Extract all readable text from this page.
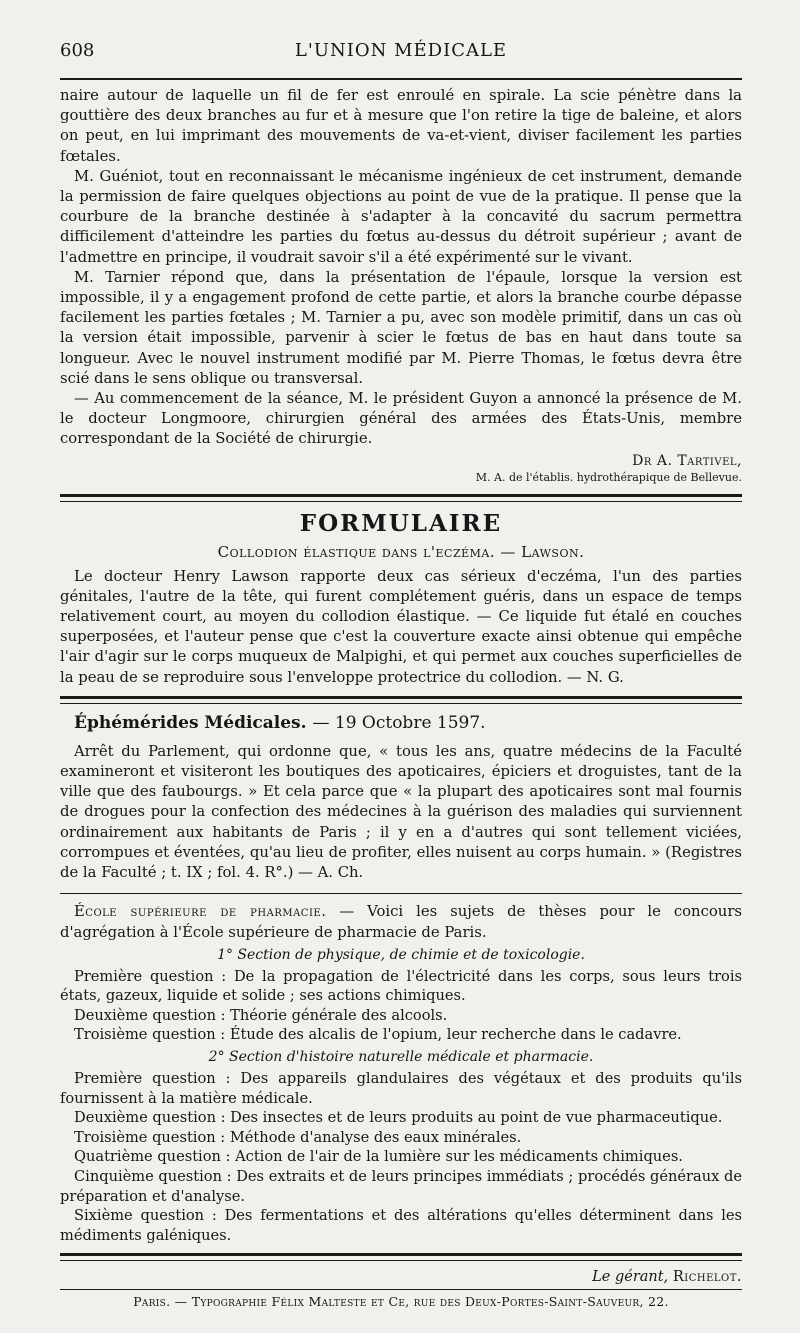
608	L'UNION MÉDICALE

naire autour de laquelle un fil de fer est enroulé en spirale. La scie pénètre dans la gouttière des deux branches au fur et à mesure que l'on retire la tige de baleine, et alors on peut, en lui imprimant des mouvements de va-et-vient, diviser facilement les parties fœtales.

M. Guéniot, tout en reconnaissant le mécanisme ingénieux de cet instrument, demande la permission de faire quelques objections au point de vue de la pratique. Il pense que la courbure de la branche destinée à s'adapter à la concavité du sacrum permettra difficilement d'atteindre les parties du fœtus au-dessus du détroit supérieur ; avant de l'admettre en principe, il voudrait savoir s'il a été expérimenté sur le vivant.

M. Tarnier répond que, dans la présentation de l'épaule, lorsque la version est impossible, il y a engagement profond de cette partie, et alors la branche courbe dépasse facilement les parties fœtales ; M. Tarnier a pu, avec son modèle primitif, dans un cas où la version était impossible, parvenir à scier le fœtus de bas en haut dans toute sa longueur. Avec le nouvel instrument modifié par M. Pierre Thomas, le fœtus devra être scié dans le sens oblique ou transversal.

— Au commencement de la séance, M. le président Guyon a annoncé la présence de M. le docteur Longmoore, chirurgien général des armées des États-Unis, membre correspondant de la Société de chirurgie.

Dr A. Tartivel,
M. A. de l'établis. hydrothérapique de Bellevue.
FORMULAIRE
Collodion élastique dans l'eczéma. — Lawson.

Le docteur Henry Lawson rapporte deux cas sérieux d'eczéma, l'un des parties génitales, l'autre de la tête, qui furent complétement guéris, dans un espace de temps relativement court, au moyen du collodion élastique. — Ce liquide fut étalé en couches superposées, et l'auteur pense que c'est la couverture exacte ainsi obtenue qui empêche l'air d'agir sur le corps muqueux de Malpighi, et qui permet aux couches superficielles de la peau de se reproduire sous l'enveloppe protectrice du collodion. — N. G.

Éphémérides Médicales. — 19 Octobre 1597.

Arrêt du Parlement, qui ordonne que, « tous les ans, quatre médecins de la Faculté examineront et visiteront les boutiques des apoticaires, épiciers et droguistes, tant de la ville que des faubourgs. » Et cela parce que « la plupart des apoticaires sont mal fournis de drogues pour la confection des médecines à la guérison des maladies qui surviennent ordinairement aux habitants de Paris ; il y en a d'autres qui sont tellement viciées, corrompues et éventées, qu'au lieu de profiter, elles nuisent au corps humain. » (Registres de la Faculté ; t. IX ; fol. 4. R°.) — A. Ch.

École supérieure de pharmacie. — Voici les sujets de thèses pour le concours d'agrégation à l'École supérieure de pharmacie de Paris.

1° Section de physique, de chimie et de toxicologie.

Première question : De la propagation de l'électricité dans les corps, sous leurs trois états, gazeux, liquide et solide ; ses actions chimiques.

Deuxième question : Théorie générale des alcools.

Troisième question : Étude des alcalis de l'opium, leur recherche dans le cadavre.

2° Section d'histoire naturelle médicale et pharmacie.

Première question : Des appareils glandulaires des végétaux et des produits qu'ils fournissent à la matière médicale.

Deuxième question : Des insectes et de leurs produits au point de vue pharmaceutique.

Troisième question : Méthode d'analyse des eaux minérales.

Quatrième question : Action de l'air de la lumière sur les médicaments chimiques.

Cinquième question : Des extraits et de leurs principes immédiats ; procédés généraux de préparation et d'analyse.

Sixième question : Des fermentations et des altérations qu'elles déterminent dans les médiments galéniques.

Le gérant, Richelot.
Paris. — Typographie Félix Malteste et Ce, rue des Deux-Portes-Saint-Sauveur, 22.
